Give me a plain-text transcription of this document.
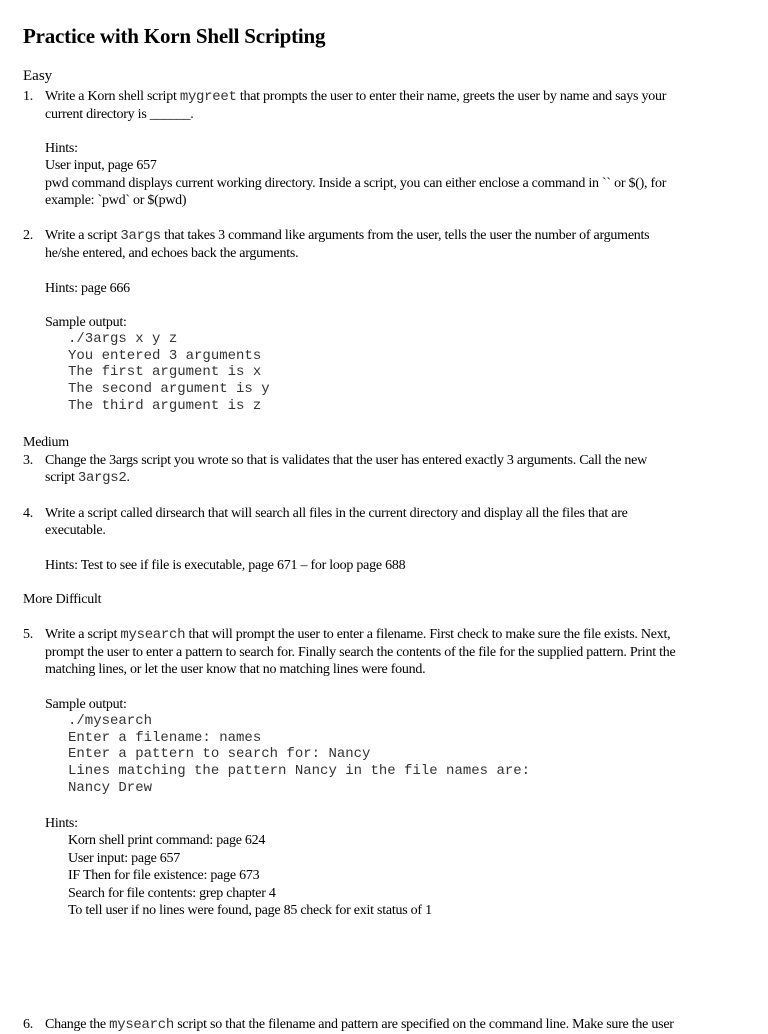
Practice with Korn Shell Scripting
Easy
1. Write a Korn shell script mygreet that prompts the user to enter their name, greets the user by name and says your
current directory is ______.
Hints:
User input, page 657
pwd command displays current working directory. Inside a script, you can either enclose a command in `` or $(), for
example: `pwd` or $(pwd)
2. Write a script 3args that takes 3 command like arguments from the user, tells the user the number of arguments
he/she entered, and echoes back the arguments.
Hints: page 666
Sample output:
./3args x y z
You entered 3 arguments
The first argument is x
The second argument is y
The third argument is z
Medium
3. Change the 3args script you wrote so that is validates that the user has entered exactly 3 arguments. Call the new
script 3args2.
4. Write a script called dirsearch that will search all files in the current directory and display all the files that are
executable.
Hints: Test to see if file is executable, page 671 – for loop page 688
More Difficult
5. Write a script mysearch that will prompt the user to enter a filename. First check to make sure the file exists. Next,
prompt the user to enter a pattern to search for. Finally search the contents of the file for the supplied pattern. Print the
matching lines, or let the user know that no matching lines were found.
Sample output:
./mysearch
Enter a filename: names
Enter a pattern to search for: Nancy
Lines matching the pattern Nancy in the file names are:
Nancy Drew
Hints:
Korn shell print command: page 624
User input: page 657
IF Then for file existence: page 673
Search for file contents: grep chapter 4
To tell user if no lines were found, page 85 check for exit status of 1
6. Change the mysearch script so that the filename and pattern are specified on the command line. Make sure the user
